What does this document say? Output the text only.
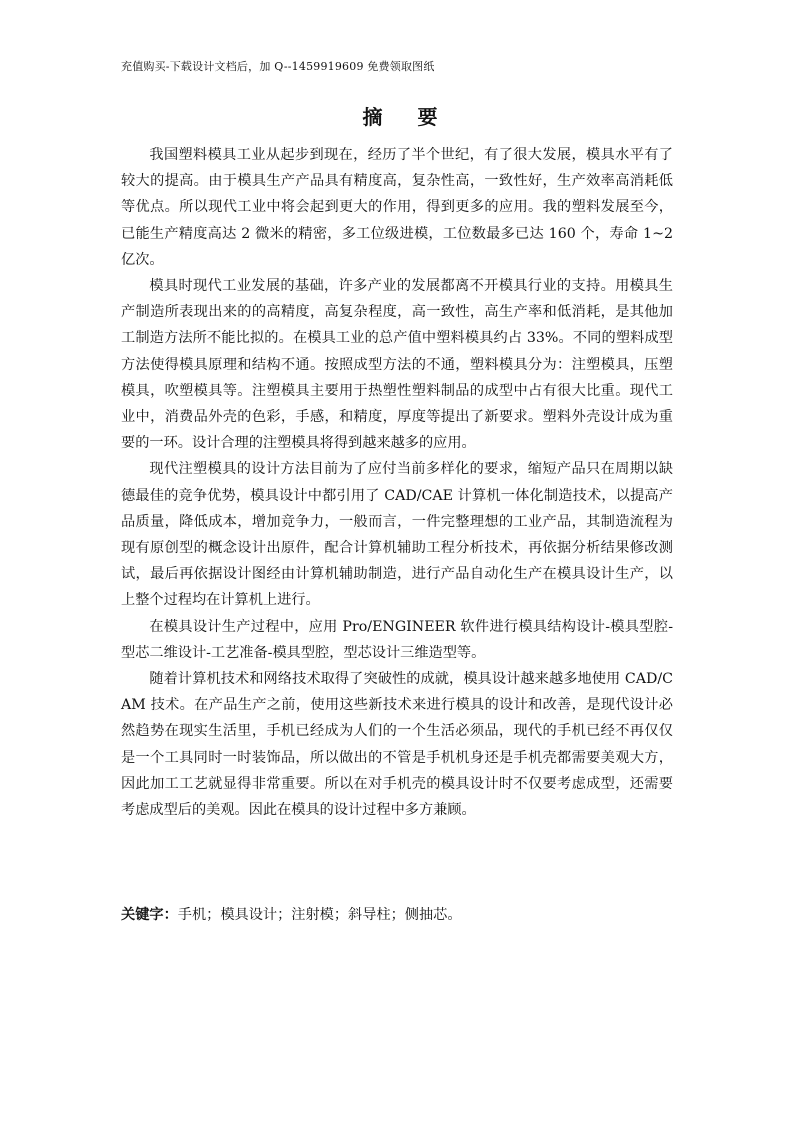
充值购买-下载设计文档后，加 Q--1459919609 免费领取图纸
摘 要

我国塑料模具工业从起步到现在，经历了半个世纪，有了很大发展，模具水平有了较大的提高。由于模具生产产品具有精度高，复杂性高，一致性好，生产效率高消耗低等优点。所以现代工业中将会起到更大的作用，得到更多的应用。我的塑料发展至今，已能生产精度高达 2 微米的精密，多工位级进模，工位数最多已达 160 个，寿命 1~2 亿次。

模具时现代工业发展的基础，许多产业的发展都离不开模具行业的支持。用模具生产制造所表现出来的的高精度，高复杂程度，高一致性，高生产率和低消耗，是其他加工制造方法所不能比拟的。在模具工业的总产值中塑料模具约占 33%。不同的塑料成型方法使得模具原理和结构不通。按照成型方法的不通，塑料模具分为：注塑模具，压塑模具，吹塑模具等。注塑模具主要用于热塑性塑料制品的成型中占有很大比重。现代工业中，消费品外壳的色彩，手感，和精度，厚度等提出了新要求。塑料外壳设计成为重要的一环。设计合理的注塑模具将得到越来越多的应用。

现代注塑模具的设计方法目前为了应付当前多样化的要求，缩短产品只在周期以缺德最佳的竞争优势，模具设计中都引用了 CAD/CAE 计算机一体化制造技术，以提高产品质量，降低成本，增加竞争力，一般而言，一件完整理想的工业产品，其制造流程为现有原创型的概念设计出原件，配合计算机辅助工程分析技术，再依据分析结果修改测试，最后再依据设计图经由计算机辅助制造，进行产品自动化生产在模具设计生产，以上整个过程均在计算机上进行。

在模具设计生产过程中，应用 Pro/ENGINEER 软件进行模具结构设计-模具型腔-型芯二维设计-工艺准备-模具型腔，型芯设计三维造型等。

随着计算机技术和网络技术取得了突破性的成就，模具设计越来越多地使用 CAD/CAM 技术。在产品生产之前，使用这些新技术来进行模具的设计和改善，是现代设计必然趋势在现实生活里，手机已经成为人们的一个生活必须品，现代的手机已经不再仅仅是一个工具同时一时装饰品，所以做出的不管是手机机身还是手机壳都需要美观大方，因此加工工艺就显得非常重要。所以在对手机壳的模具设计时不仅要考虑成型，还需要考虑成型后的美观。因此在模具的设计过程中多方兼顾。

关键字：手机；模具设计；注射模；斜导柱；侧抽芯。
